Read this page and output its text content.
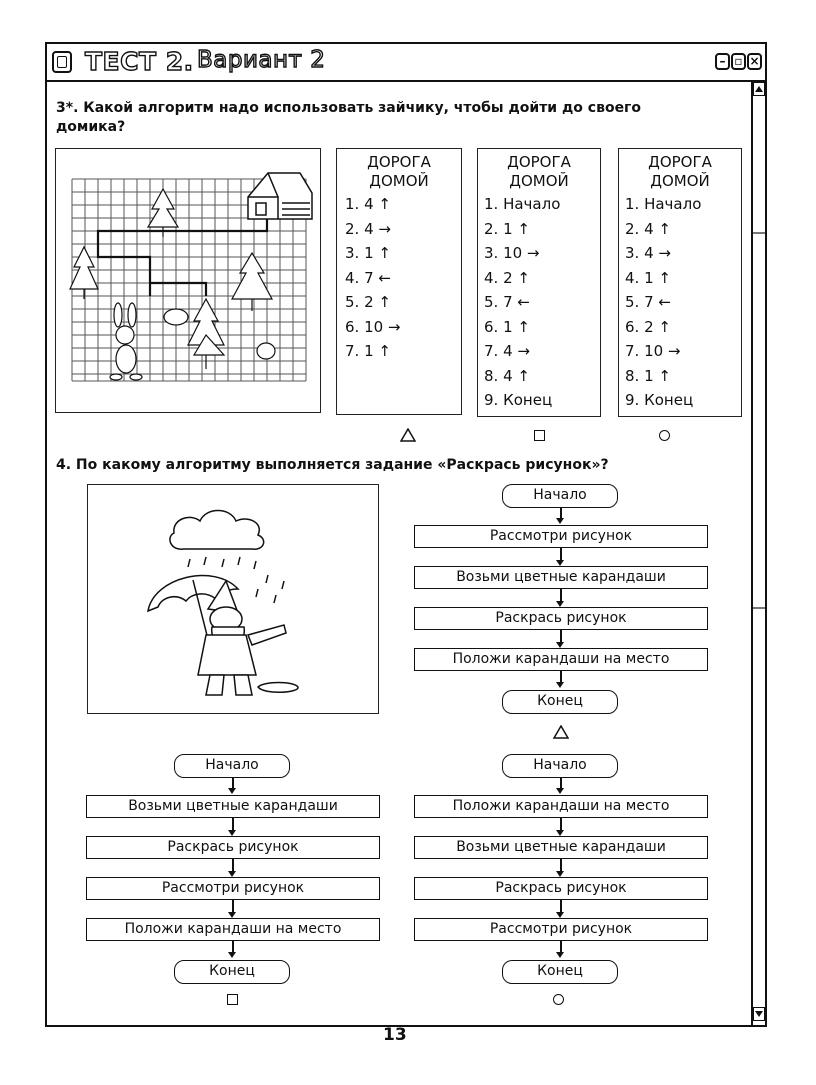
ТЕСТ 2. Вариант 2	– ▫ ×
3*. Какой алгоритм надо использовать зайчику, чтобы дойти до своего
домика?
ДОРОГА
ДОМОЙ
1. 4 ↑
2. 4 →
3. 1 ↑
4. 7 ←
5. 2 ↑
6. 10 →
7. 1 ↑
ДОРОГА
ДОМОЙ
1. Начало
2. 1 ↑
3. 10 →
4. 2 ↑
5. 7 ←
6. 1 ↑
7. 4 →
8. 4 ↑
9. Конец
ДОРОГА
ДОМОЙ
1. Начало
2. 4 ↑
3. 4 →
4. 1 ↑
5. 7 ←
6. 2 ↑
7. 10 →
8. 1 ↑
9. Конец
4. По какому алгоритму выполняется задание «Раскрась рисунок»?
Начало
Рассмотри рисунок
Возьми цветные карандаши
Раскрась рисунок
Положи карандаши на место
Конец
Начало
Возьми цветные карандаши
Раскрась рисунок
Рассмотри рисунок
Положи карандаши на место
Конец
Начало
Положи карандаши на место
Возьми цветные карандаши
Раскрась рисунок
Рассмотри рисунок
Конец
13
